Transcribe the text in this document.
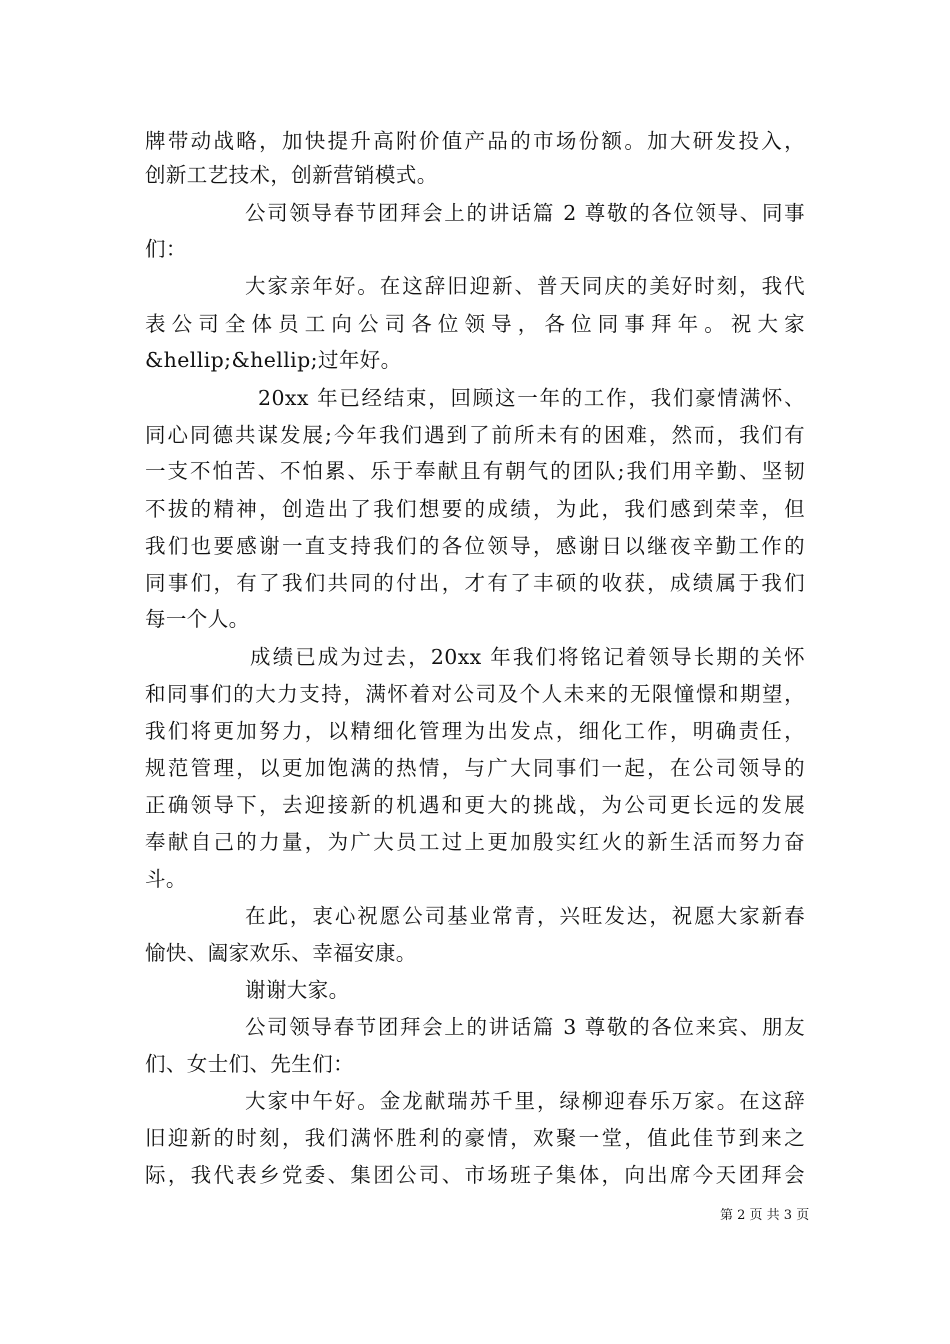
牌带动战略，加快提升高附价值产品的市场份额。加大研发投入，
创新工艺技术，创新营销模式。
公司领导春节团拜会上的讲话篇 2 尊敬的各位领导、同事
们：
大家亲年好。在这辞旧迎新、普天同庆的美好时刻，我代
表公司全体员工向公司各位领导，各位同事拜年。祝大家
&hellip;&hellip;过年好。
20xx 年已经结束，回顾这一年的工作，我们豪情满怀、
同心同德共谋发展;今年我们遇到了前所未有的困难，然而，我们有
一支不怕苦、不怕累、乐于奉献且有朝气的团队;我们用辛勤、坚韧
不拔的精神，创造出了我们想要的成绩，为此，我们感到荣幸，但
我们也要感谢一直支持我们的各位领导，感谢日以继夜辛勤工作的
同事们，有了我们共同的付出，才有了丰硕的收获，成绩属于我们
每一个人。
成绩已成为过去，20xx 年我们将铭记着领导长期的关怀
和同事们的大力支持，满怀着对公司及个人未来的无限憧憬和期望，
我们将更加努力，以精细化管理为出发点，细化工作，明确责任，
规范管理，以更加饱满的热情，与广大同事们一起，在公司领导的
正确领导下，去迎接新的机遇和更大的挑战，为公司更长远的发展
奉献自己的力量，为广大员工过上更加殷实红火的新生活而努力奋
斗。
在此，衷心祝愿公司基业常青，兴旺发达，祝愿大家新春
愉快、阖家欢乐、幸福安康。
谢谢大家。
公司领导春节团拜会上的讲话篇 3 尊敬的各位来宾、朋友
们、女士们、先生们：
大家中午好。金龙献瑞苏千里，绿柳迎春乐万家。在这辞
旧迎新的时刻，我们满怀胜利的豪情，欢聚一堂，值此佳节到来之
际，我代表乡党委、集团公司、市场班子集体，向出席今天团拜会
第 2 页 共 3 页
